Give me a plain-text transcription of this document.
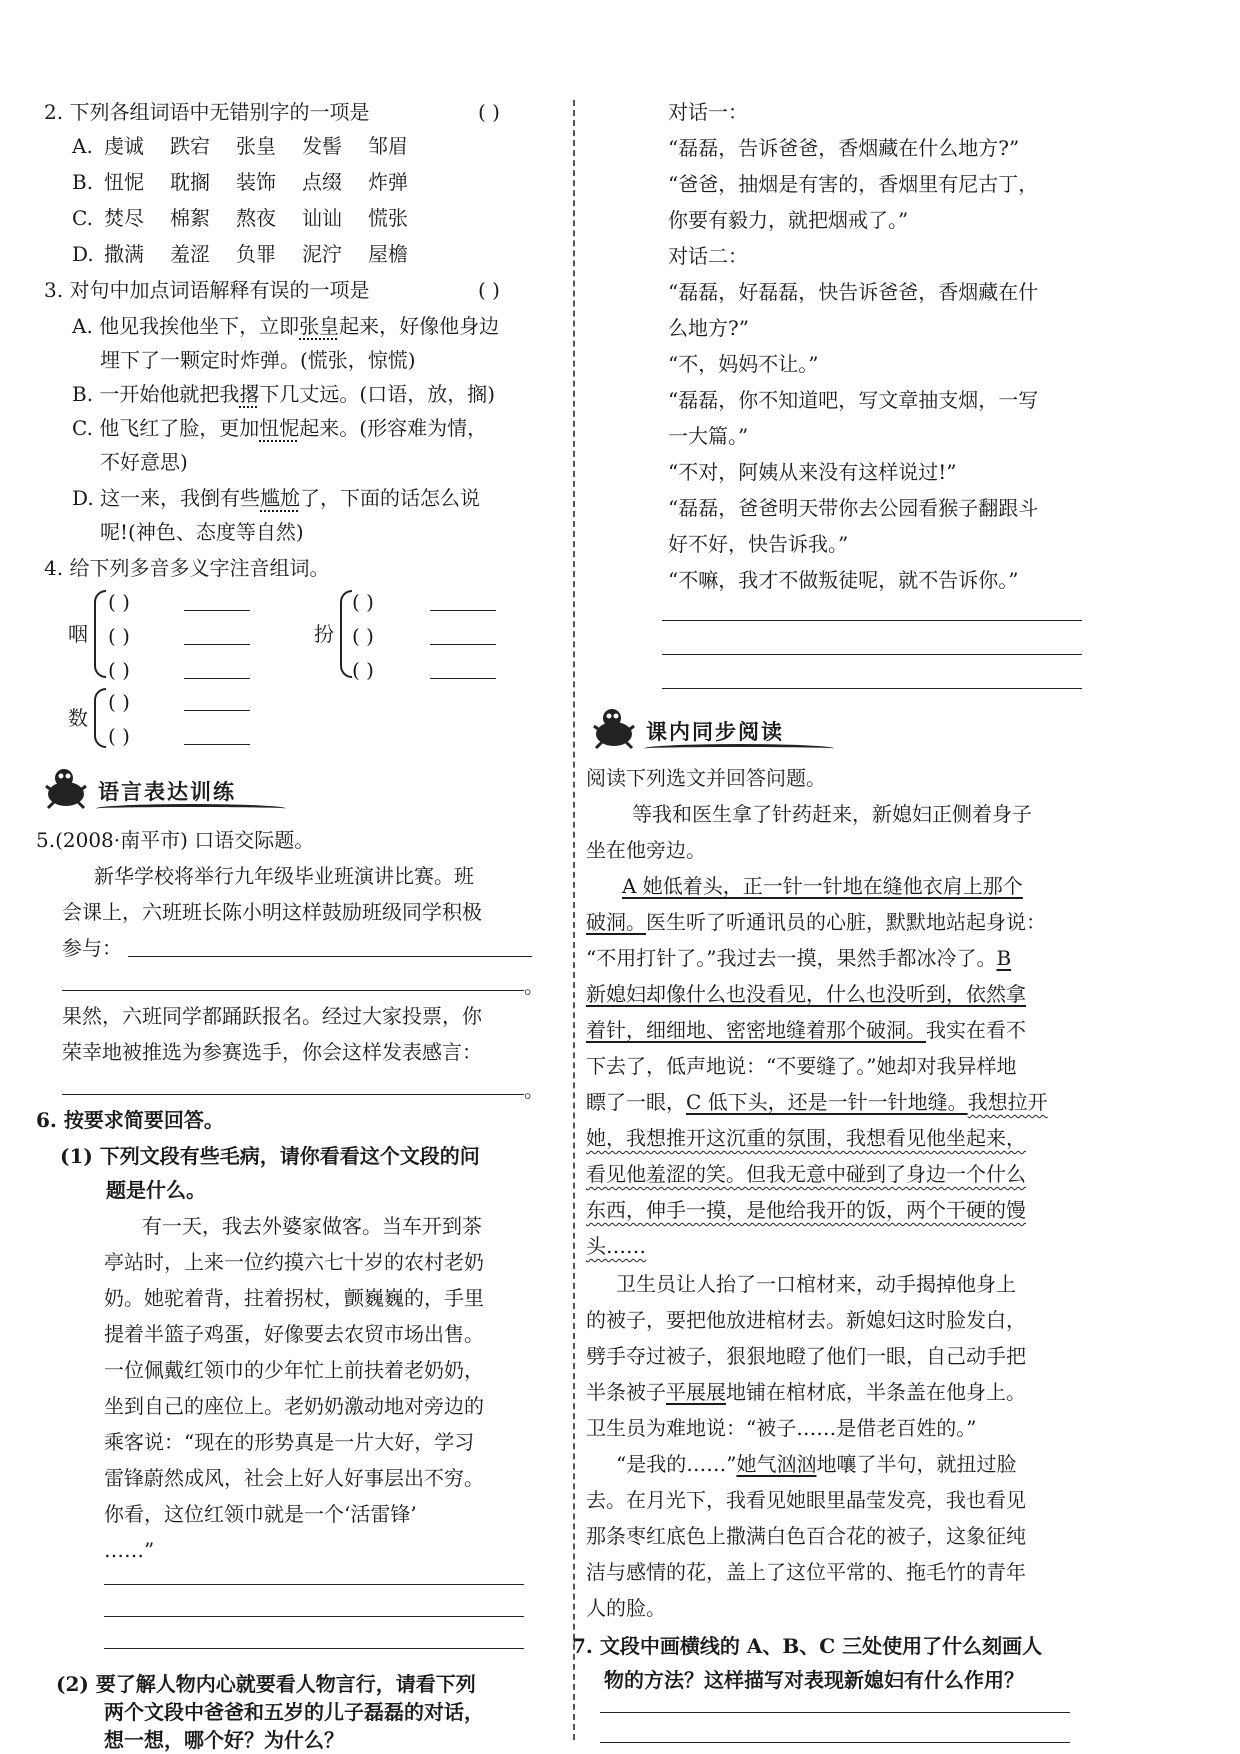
2. 下列各组词语中无错别字的一项是	( )
A. 虔诚 跌宕 张皇 发髻 邹眉
B. 忸怩 耽搁 装饰 点缀 炸弹
C. 焚尽 棉絮 熬夜 讪讪 慌张
D. 撒满 羞涩 负罪 泥泞 屋檐
3. 对句中加点词语解释有误的一项是	( )
A. 他见我挨他坐下，立即张皇起来，好像他身边
埋下了一颗定时炸弹。(慌张，惊慌)
B. 一开始他就把我撂下几丈远。(口语，放，搁)
C. 他飞红了脸，更加忸怩起来。(形容难为情，
不好意思)
D. 这一来，我倒有些尴尬了，下面的话怎么说
呢!(神色、态度等自然)
4. 给下列多音多义字注音组词。
咽
( )
( )
( )
扮
( )
( )
( )
数
( )
( )
语言表达训练
5.(2008·南平市) 口语交际题。
新华学校将举行九年级毕业班演讲比赛。班
会课上，六班班长陈小明这样鼓励班级同学积极
参与：
。
果然，六班同学都踊跃报名。经过大家投票，你
荣幸地被推选为参赛选手，你会这样发表感言：
。
6. 按要求简要回答。
(1) 下列文段有些毛病，请你看看这个文段的问
题是什么。
有一天，我去外婆家做客。当车开到茶
亭站时，上来一位约摸六七十岁的农村老奶
奶。她驼着背，拄着拐杖，颤巍巍的，手里
提着半篮子鸡蛋，好像要去农贸市场出售。
一位佩戴红领巾的少年忙上前扶着老奶奶，
坐到自己的座位上。老奶奶激动地对旁边的
乘客说：“现在的形势真是一片大好，学习
雷锋蔚然成风，社会上好人好事层出不穷。
你看，这位红领巾就是一个‘活雷锋’
……”
(2) 要了解人物内心就要看人物言行，请看下列
两个文段中爸爸和五岁的儿子磊磊的对话，
想一想，哪个好？为什么？
对话一：
“磊磊，告诉爸爸，香烟藏在什么地方?”
“爸爸，抽烟是有害的，香烟里有尼古丁，
你要有毅力，就把烟戒了。”
对话二：
“磊磊，好磊磊，快告诉爸爸，香烟藏在什
么地方?”
“不，妈妈不让。”
“磊磊，你不知道吧，写文章抽支烟，一写
一大篇。”
“不对，阿姨从来没有这样说过!”
“磊磊，爸爸明天带你去公园看猴子翻跟斗
好不好，快告诉我。”
“不嘛，我才不做叛徒呢，就不告诉你。”
课内同步阅读
阅读下列选文并回答问题。
等我和医生拿了针药赶来，新媳妇正侧着身子
坐在他旁边。
A 她低着头，正一针一针地在缝他衣肩上那个
破洞。医生听了听通讯员的心脏，默默地站起身说：
“不用打针了。”我过去一摸，果然手都冰冷了。B
新媳妇却像什么也没看见，什么也没听到，依然拿
着针，细细地、密密地缝着那个破洞。我实在看不
下去了，低声地说：“不要缝了。”她却对我异样地
瞟了一眼，C 低下头，还是一针一针地缝。我想拉开
她，我想推开这沉重的氛围，我想看见他坐起来，
看见他羞涩的笑。但我无意中碰到了身边一个什么
东西，伸手一摸，是他给我开的饭，两个干硬的馒
头……
卫生员让人抬了一口棺材来，动手揭掉他身上
的被子，要把他放进棺材去。新媳妇这时脸发白，
劈手夺过被子，狠狠地瞪了他们一眼，自己动手把
半条被子平展展地铺在棺材底，半条盖在他身上。
卫生员为难地说：“被子……是借老百姓的。”
“是我的……”她气汹汹地嚷了半句，就扭过脸
去。在月光下，我看见她眼里晶莹发亮，我也看见
那条枣红底色上撒满白色百合花的被子，这象征纯
洁与感情的花，盖上了这位平常的、拖毛竹的青年
人的脸。
7. 文段中画横线的 A、B、C 三处使用了什么刻画人
物的方法？这样描写对表现新媳妇有什么作用？
